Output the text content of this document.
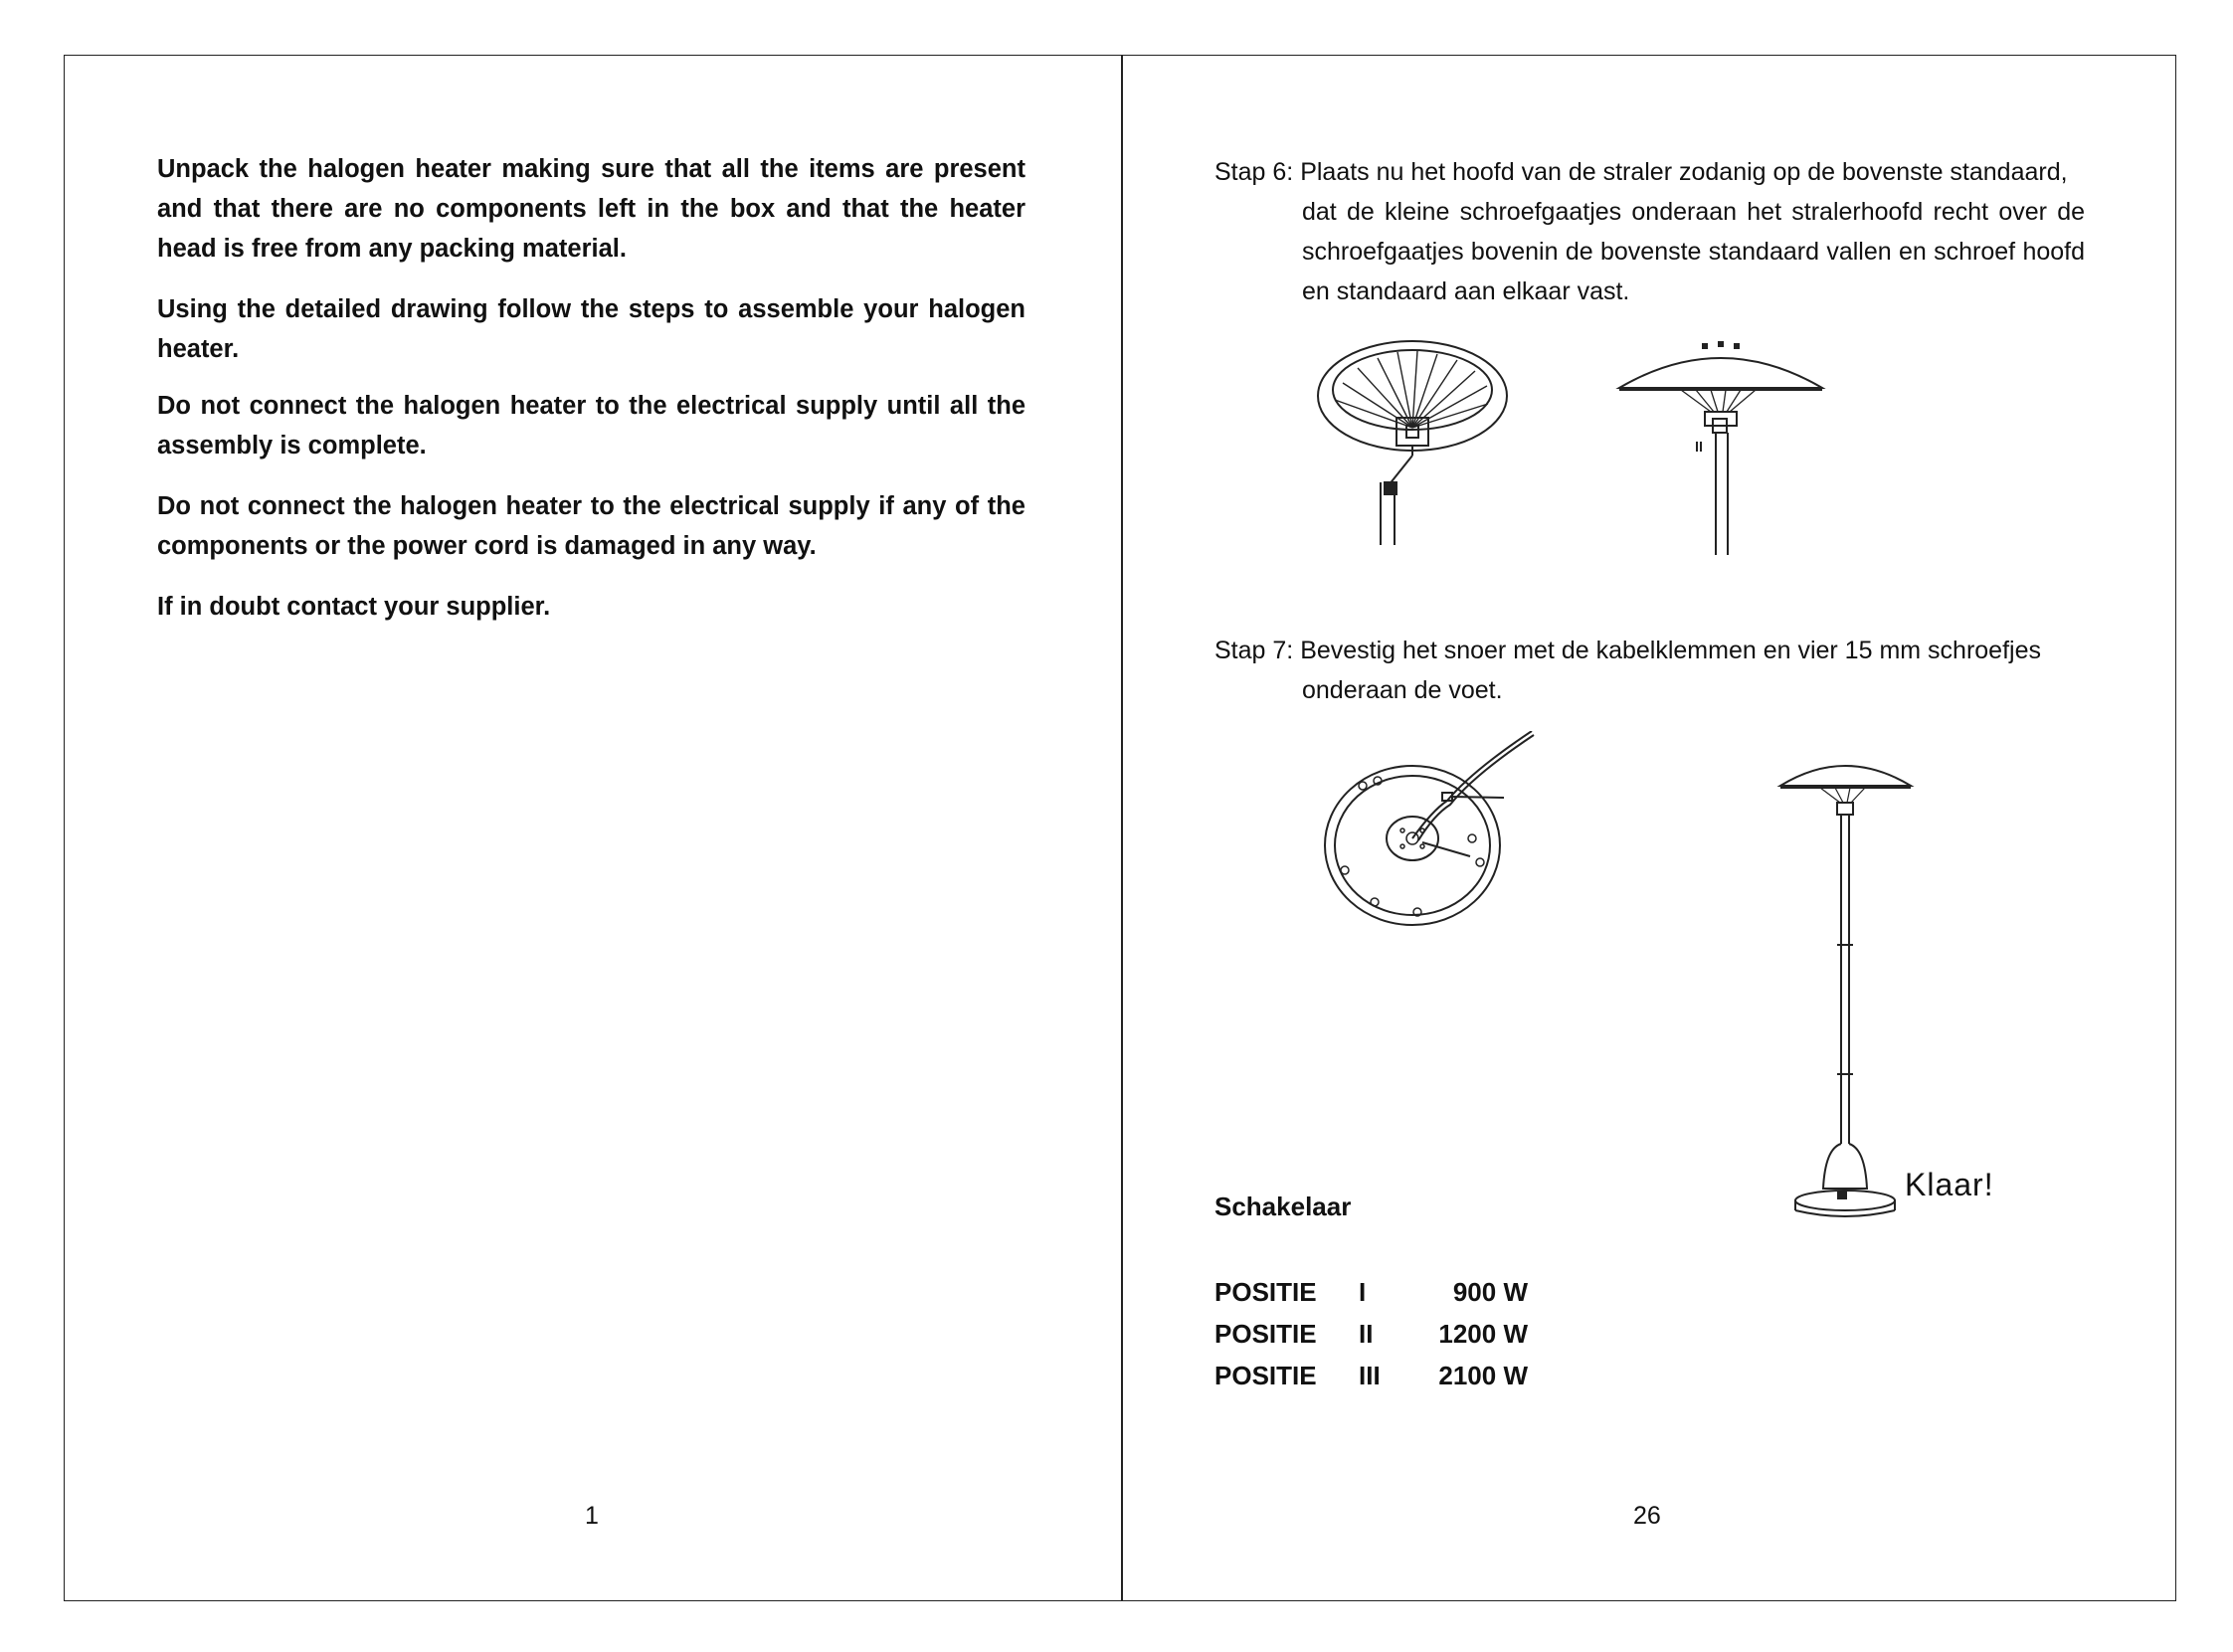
Unpack the halogen heater making sure that all the items are present and that there are no components left in the box and that the heater head is free from any packing material.

Using the detailed drawing follow the steps to assemble your halogen heater.

Do not connect the halogen heater to the electrical supply until all the assembly is complete.

Do not connect the halogen heater to the electrical supply if any of the components or the power cord is damaged in any way.

If in doubt contact your supplier.

1
Stap 6: Plaats nu het hoofd van de straler zodanig op de bovenste standaard,
dat de kleine schroefgaatjes onderaan het stralerhoofd recht over de schroefgaatjes bovenin de bovenste standaard vallen en schroef hoofd en standaard aan elkaar vast.
Stap 7: Bevestig het snoer met de kabelklemmen en vier 15 mm schroefjes
onderaan de voet.
Klaar!
Schakelaar
POSITIE	I	900 W
POSITIE	II	1200 W
POSITIE	III	2100 W
26
